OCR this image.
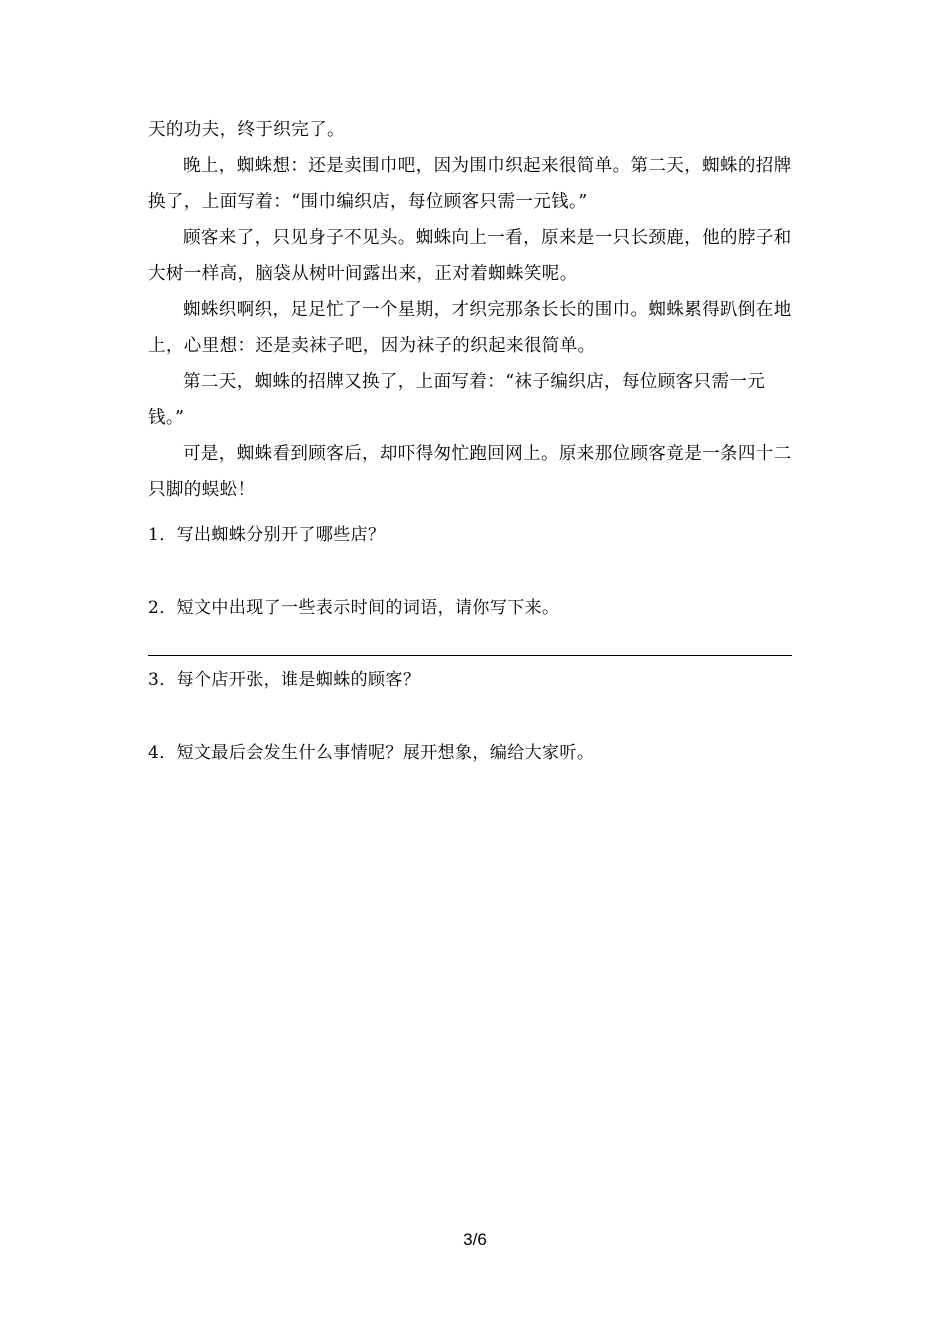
天的功夫，终于织完了。

晚上，蜘蛛想：还是卖围巾吧，因为围巾织起来很简单。第二天，蜘蛛的招牌换了，上面写着：“围巾编织店，每位顾客只需一元钱。”

顾客来了，只见身子不见头。蜘蛛向上一看，原来是一只长颈鹿，他的脖子和大树一样高，脑袋从树叶间露出来，正对着蜘蛛笑呢。

蜘蛛织啊织，足足忙了一个星期，才织完那条长长的围巾。蜘蛛累得趴倒在地上，心里想：还是卖袜子吧，因为袜子的织起来很简单。

第二天，蜘蛛的招牌又换了，上面写着：“袜子编织店，每位顾客只需一元钱。”

可是，蜘蛛看到顾客后，却吓得匆忙跑回网上。原来那位顾客竟是一条四十二只脚的蜈蚣！

1．写出蜘蛛分别开了哪些店？
2．短文中出现了一些表示时间的词语，请你写下来。
3．每个店开张，谁是蜘蛛的顾客？
4．短文最后会发生什么事情呢？展开想象，编给大家听。
3/6
